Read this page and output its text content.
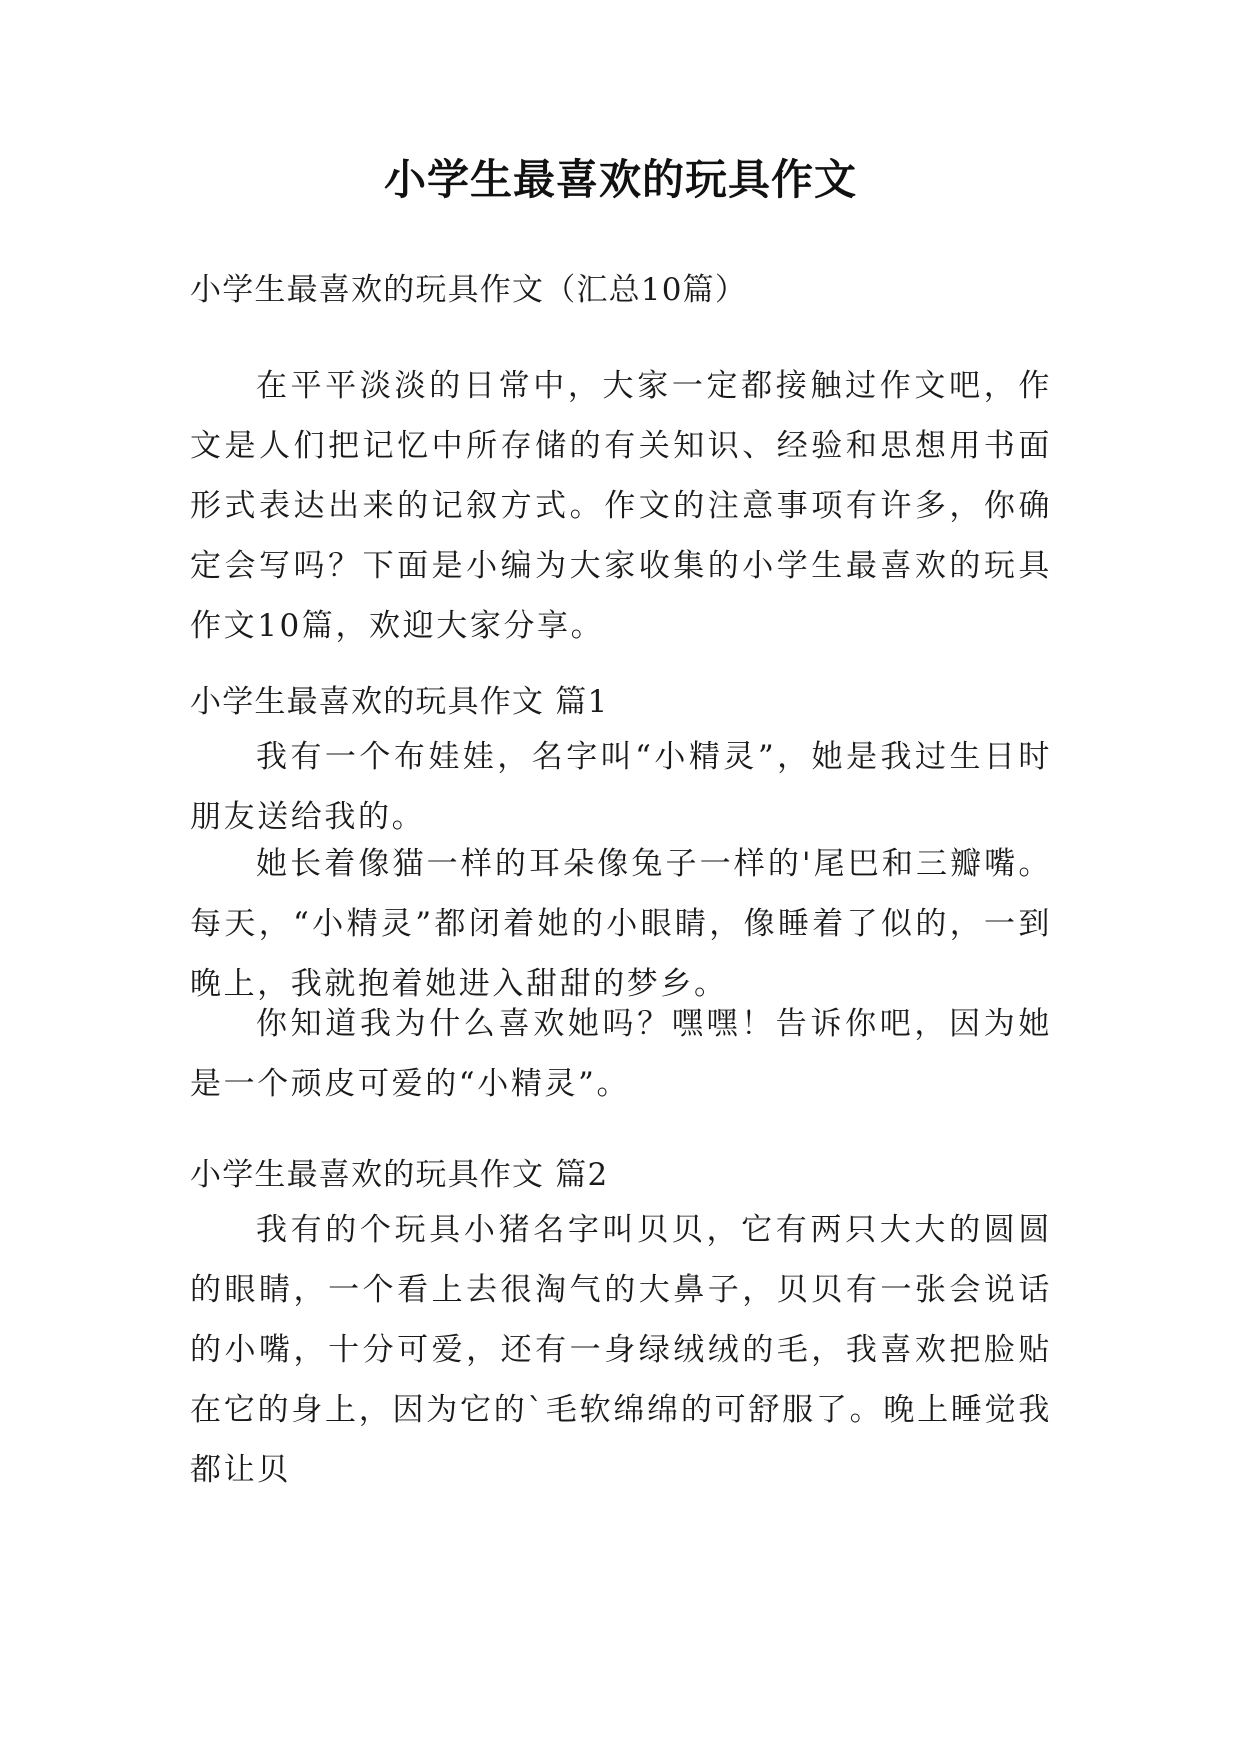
小学生最喜欢的玩具作文

小学生最喜欢的玩具作文（汇总10篇）

在平平淡淡的日常中，大家一定都接触过作文吧，作文是人们把记忆中所存储的有关知识、经验和思想用书面形式表达出来的记叙方式。作文的注意事项有许多，你确定会写吗？下面是小编为大家收集的小学生最喜欢的玩具作文10篇，欢迎大家分享。

小学生最喜欢的玩具作文 篇1

我有一个布娃娃，名字叫“小精灵”，她是我过生日时朋友送给我的。

她长着像猫一样的耳朵像兔子一样的'尾巴和三瓣嘴。每天，“小精灵”都闭着她的小眼睛，像睡着了似的，一到晚上，我就抱着她进入甜甜的梦乡。

你知道我为什么喜欢她吗？嘿嘿！告诉你吧，因为她是一个顽皮可爱的“小精灵”。

小学生最喜欢的玩具作文 篇2

我有的个玩具小猪名字叫贝贝，它有两只大大的圆圆的眼睛，一个看上去很淘气的大鼻子，贝贝有一张会说话的小嘴，十分可爱，还有一身绿绒绒的毛，我喜欢把脸贴在它的身上，因为它的`毛软绵绵的可舒服了。晚上睡觉我都让贝
